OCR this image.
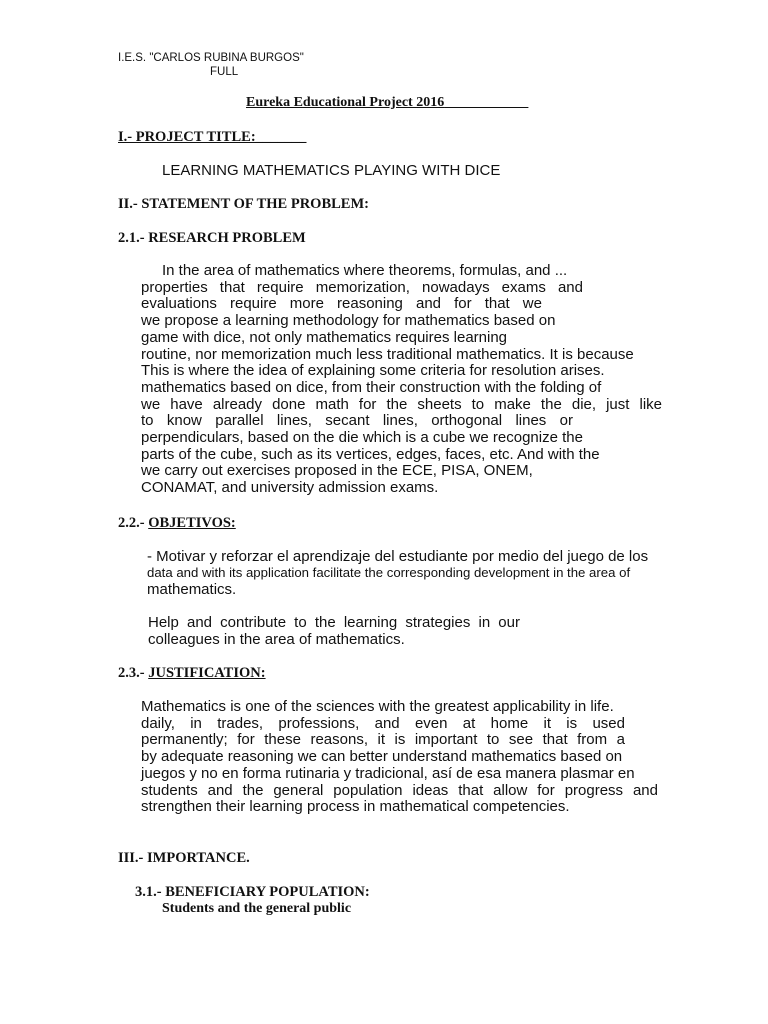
I.E.S. "CARLOS RUBINA BURGOS"
FULL
Eureka Educational Project 2016____________
I.- PROJECT TITLE:_______
LEARNING MATHEMATICS PLAYING WITH DICE
II.- STATEMENT OF THE PROBLEM:
2.1.- RESEARCH PROBLEM
In the area of mathematics where theorems, formulas, and ...
properties that require memorization, nowadays exams and
evaluations require more reasoning and for that we
we propose a learning methodology for mathematics based on
game with dice, not only mathematics requires learning
routine, nor memorization much less traditional mathematics. It is because
This is where the idea of explaining some criteria for resolution arises.
mathematics based on dice, from their construction with the folding of
we have already done math for the sheets to make the die, just like
to know parallel lines, secant lines, orthogonal lines or
perpendiculars, based on the die which is a cube we recognize the
parts of the cube, such as its vertices, edges, faces, etc. And with the
we carry out exercises proposed in the ECE, PISA, ONEM,
CONAMAT, and university admission exams.
2.2.- OBJETIVOS:
- Motivar y reforzar el aprendizaje del estudiante por medio del juego de los
data and with its application facilitate the corresponding development in the area of
mathematics.
Help and contribute to the learning strategies in our
colleagues in the area of mathematics.
2.3.- JUSTIFICATION:
Mathematics is one of the sciences with the greatest applicability in life.
daily, in trades, professions, and even at home it is used
permanently; for these reasons, it is important to see that from a
by adequate reasoning we can better understand mathematics based on
juegos y no en forma rutinaria y tradicional, así de esa manera plasmar en
students and the general population ideas that allow for progress and
strengthen their learning process in mathematical competencies.
III.- IMPORTANCE.
3.1.- BENEFICIARY POPULATION:
Students and the general public
